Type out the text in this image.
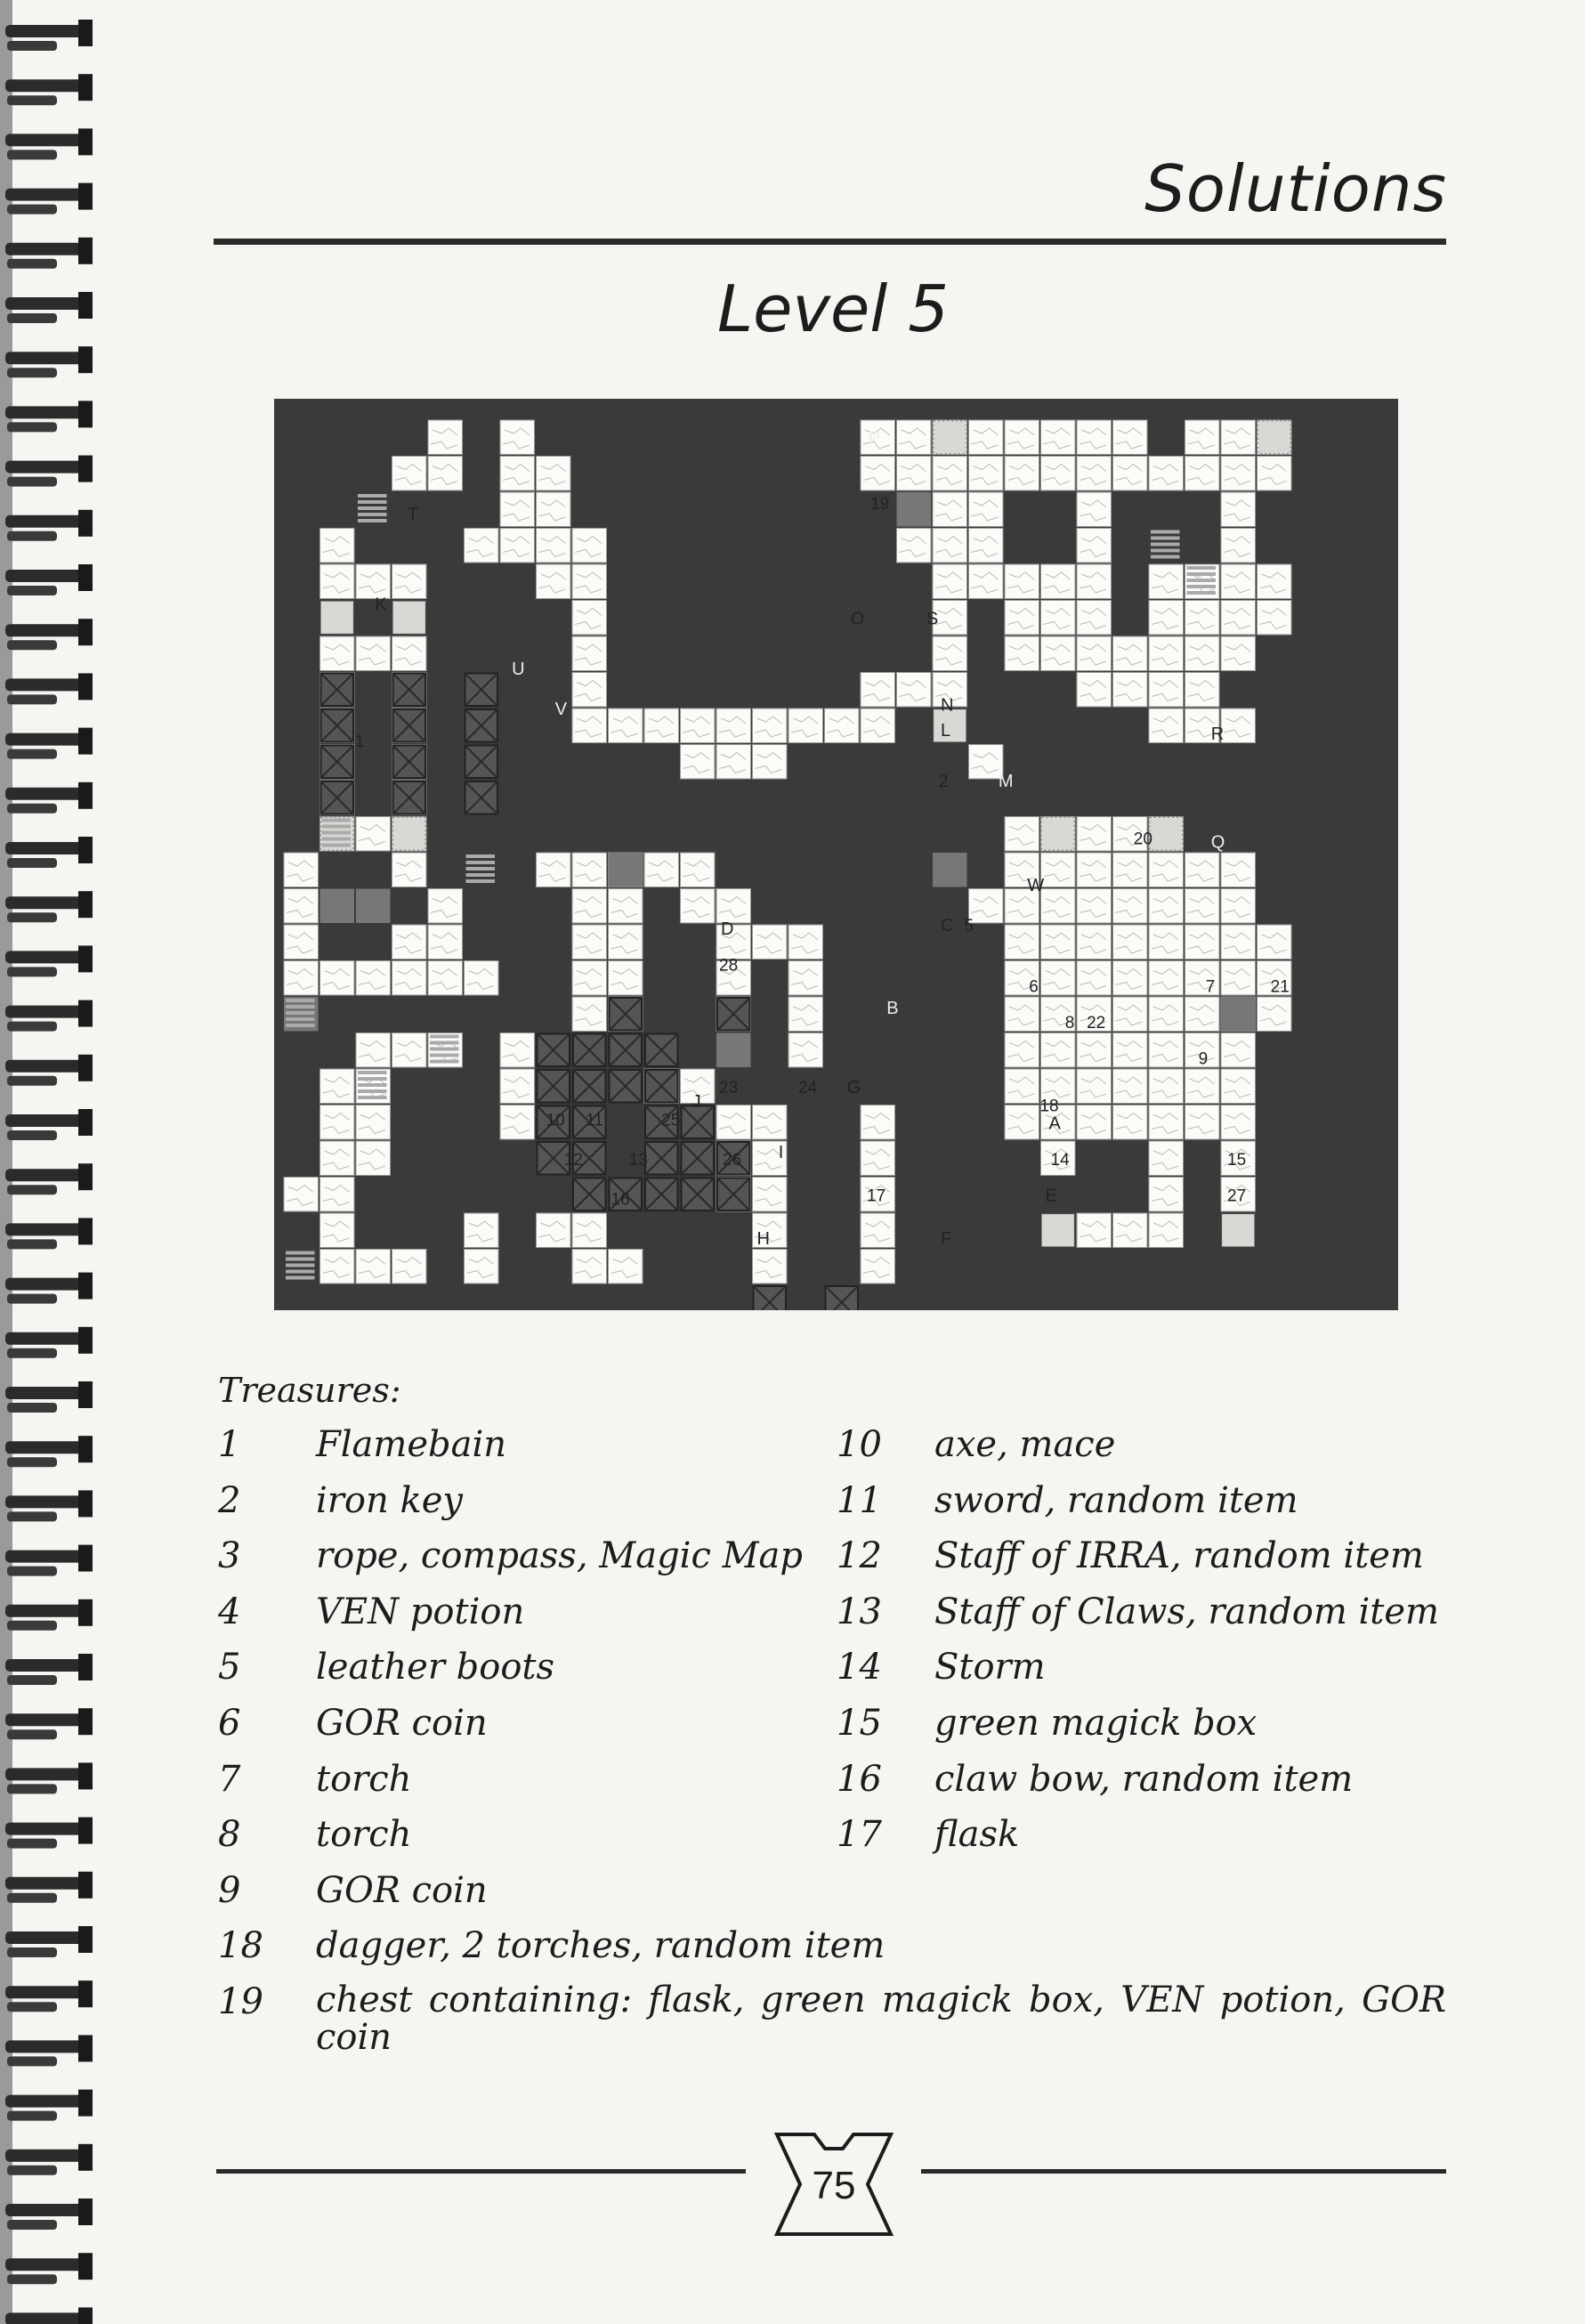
Solutions
Level 5
P
T
K
U
V
O	S
N
L
M
R
Q
W
B
C
D
G
H
I
J
E
F
A
1
2
5
6	7
8
9
10 11
12	13	14	15
16	17
18
19
20
21
22
23	24
25
26
27
28
Treasures:
1	Flamebain
2	iron key
3	rope, compass, Magic Map
4	VEN potion
5	leather boots
6	GOR coin
7	torch
8	torch
9	GOR coin
18	dagger, 2 torches, random item
19	chest containing: flask, green magick box, VEN potion, GOR coin
10	axe, mace
11	sword, random item
12	Staff of IRRA, random item
13	Staff of Claws, random item
14	Storm
15	green magick box
16	claw bow, random item
17	flask
75
